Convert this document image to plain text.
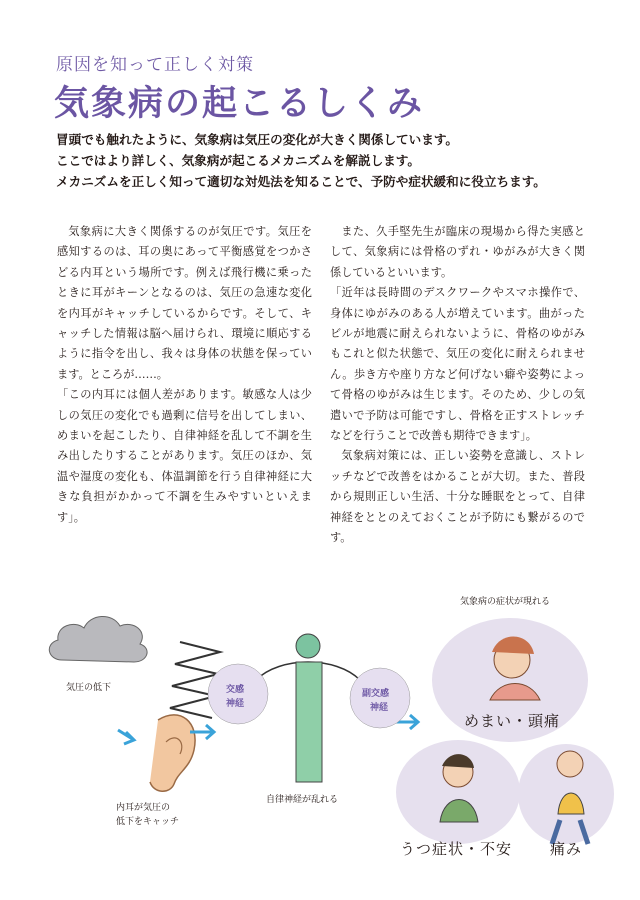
原因を知って正しく対策
気象病の起こるしくみ
冒頭でも触れたように、気象病は気圧の変化が大きく関係しています。
ここではより詳しく、気象病が起こるメカニズムを解説します。
メカニズムを正しく知って適切な対処法を知ることで、予防や症状緩和に役立ちます。

気象病に大きく関係するのが気圧です。気圧を感知するのは、耳の奥にあって平衡感覚をつかさどる内耳という場所です。例えば飛行機に乗ったときに耳がキーンとなるのは、気圧の急速な変化を内耳がキャッチしているからです。そして、キャッチした情報は脳へ届けられ、環境に順応するように指令を出し、我々は身体の状態を保っています。ところが……。

「この内耳には個人差があります。敏感な人は少しの気圧の変化でも過剰に信号を出してしまい、めまいを起こしたり、自律神経を乱して不調を生み出したりすることがあります。気圧のほか、気温や湿度の変化も、体温調節を行う自律神経に大きな負担がかかって不調を生みやすいといえます」。

また、久手堅先生が臨床の現場から得た実感として、気象病には骨格のずれ・ゆがみが大きく関係しているといいます。

「近年は長時間のデスクワークやスマホ操作で、身体にゆがみのある人が増えています。曲がったビルが地震に耐えられないように、骨格のゆがみもこれと似た状態で、気圧の変化に耐えられません。歩き方や座り方など何げない癖や姿勢によって骨格のゆがみは生じます。そのため、少しの気遣いで予防は可能ですし、骨格を正すストレッチなどを行うことで改善も期待できます」。

気象病対策には、正しい姿勢を意識し、ストレッチなどで改善をはかることが大切。また、普段から規則正しい生活、十分な睡眠をとって、自律神経をととのえておくことが予防にも繋がるのです。

気圧の低下
内耳が気圧の
低下をキャッチ
交感
神経
副交感
神経
自律神経が乱れる
気象病の症状が現れる
めまい・頭痛
うつ症状・不安	痛み
